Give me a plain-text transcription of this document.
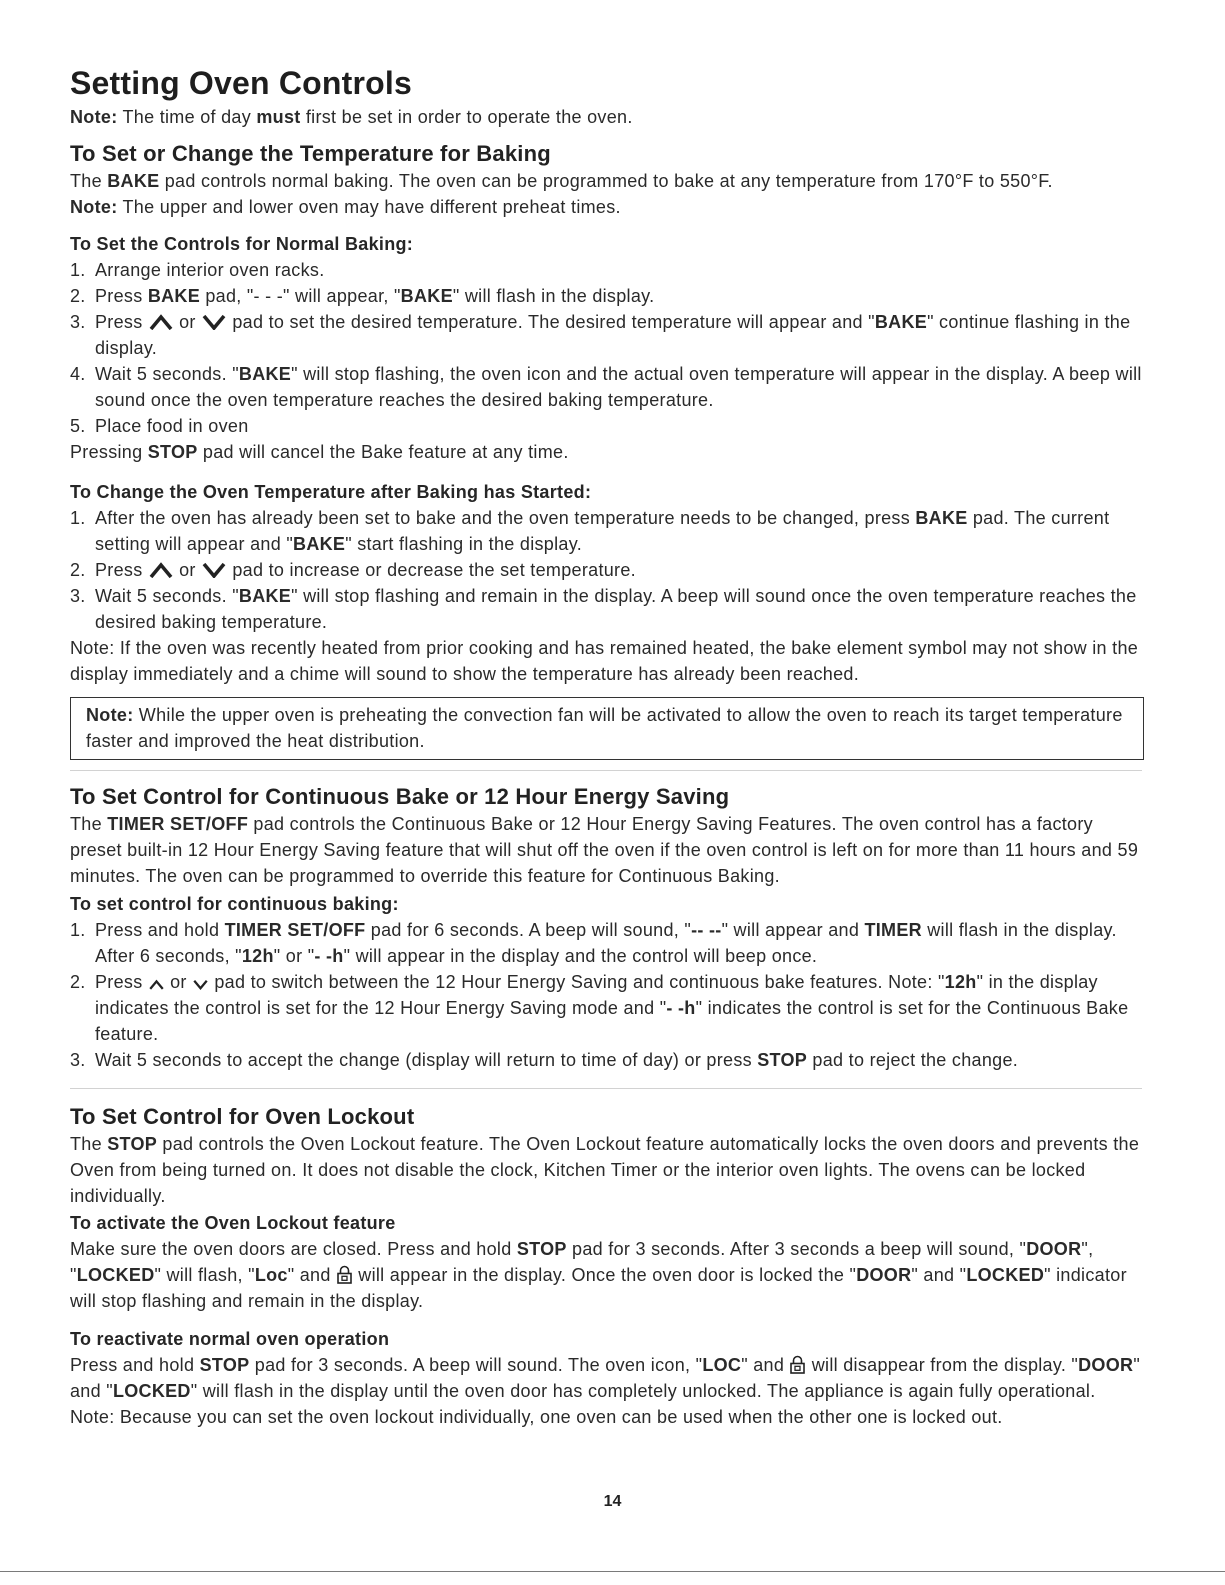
Setting Oven Controls

Note: The time of day must first be set in order to operate the oven.

To Set or Change the Temperature for Baking

The BAKE pad controls normal baking. The oven can be programmed to bake at any temperature from 170°F to 550°F.

Note: The upper and lower oven may have different preheat times.

To Set the Controls for Normal Baking:
1. Arrange interior oven racks.
2. Press BAKE pad, "- - -" will appear, "BAKE" will flash in the display.
3. Press
or
pad to set the desired temperature. The desired temperature will appear and "BAKE" continue flashing in the display.
4. Wait 5 seconds. "BAKE" will stop flashing, the oven icon and the actual oven temperature will appear in the display. A beep will sound once the oven temperature reaches the desired baking temperature.
5. Place food in oven

Pressing STOP pad will cancel the Bake feature at any time.

To Change the Oven Temperature after Baking has Started:
1. After the oven has already been set to bake and the oven temperature needs to be changed, press BAKE pad. The current setting will appear and "BAKE" start flashing in the display.
2. Press
or
pad to increase or decrease the set temperature.
3. Wait 5 seconds. "BAKE" will stop flashing and remain in the display. A beep will sound once the oven temperature reaches the desired baking temperature.

Note: If the oven was recently heated from prior cooking and has remained heated, the bake element symbol may not show in the display immediately and a chime will sound to show the temperature has already been reached.

Note: While the upper oven is preheating the convection fan will be activated to allow the oven to reach its target temperature faster and improved the heat distribution.

To Set Control for Continuous Bake or 12 Hour Energy Saving

The TIMER SET/OFF pad controls the Continuous Bake or 12 Hour Energy Saving Features. The oven control has a factory preset built-in 12 Hour Energy Saving feature that will shut off the oven if the oven control is left on for more than 11 hours and 59 minutes. The oven can be programmed to override this feature for Continuous Baking.

To set control for continuous baking:
1. Press and hold TIMER SET/OFF pad for 6 seconds. A beep will sound, "-- --" will appear and TIMER will flash in the display. After 6 seconds, "12h" or "- -h" will appear in the display and the control will beep once.
2. Press
or
pad to switch between the 12 Hour Energy Saving and continuous bake features. Note: "12h" in the display indicates the control is set for the 12 Hour Energy Saving mode and "- -h" indicates the control is set for the Continuous Bake feature.
3. Wait 5 seconds to accept the change (display will return to time of day) or press STOP pad to reject the change.
To Set Control for Oven Lockout

The STOP pad controls the Oven Lockout feature. The Oven Lockout feature automatically locks the oven doors and prevents the Oven from being turned on. It does not disable the clock, Kitchen Timer or the interior oven lights. The ovens can be locked individually.

To activate the Oven Lockout feature

Make sure the oven doors are closed. Press and hold STOP pad for 3 seconds. After 3 seconds a beep will sound, "DOOR", "LOCKED" will flash, "Loc" and
will appear in the display. Once the oven door is locked the "DOOR" and "LOCKED" indicator will stop flashing and remain in the display.

To reactivate normal oven operation

Press and hold STOP pad for 3 seconds. A beep will sound. The oven icon, "LOC" and
will disappear from the display. "DOOR" and "LOCKED" will flash in the display until the oven door has completely unlocked. The appliance is again fully operational. Note: Because you can set the oven lockout individually, one oven can be used when the other one is locked out.

14
